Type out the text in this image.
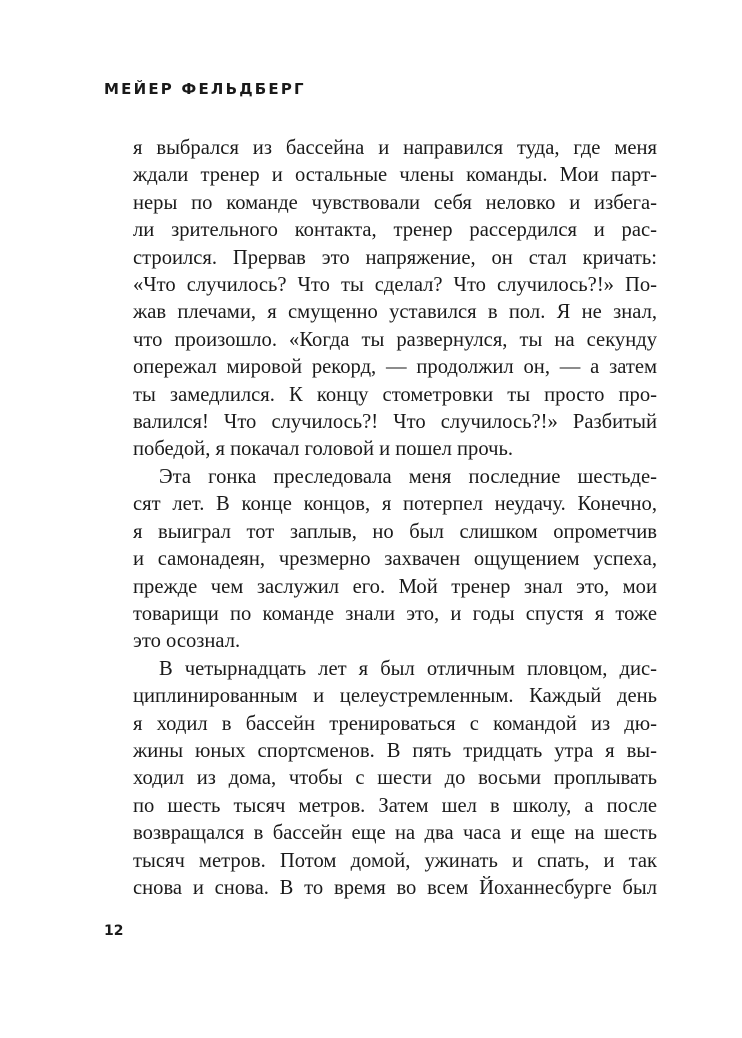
МЕЙЕР ФЕЛЬДБЕРГ

я выбрался из бассейна и направился туда, где меня
ждали тренер и остальные члены команды. Мои парт-
неры по команде чувствовали себя неловко и избега-
ли зрительного контакта, тренер рассердился и рас-
строился. Прервав это напряжение, он стал кричать:
«Что случилось? Что ты сделал? Что случилось?!» По-
жав плечами, я смущенно уставился в пол. Я не знал,
что произошло. «Когда ты развернулся, ты на секунду
опережал мировой рекорд, — продолжил он, — а затем
ты замедлился. К концу стометровки ты просто про-
валился! Что случилось?! Что случилось?!» Разбитый
победой, я покачал головой и пошел прочь.

Эта гонка преследовала меня последние шестьде-
сят лет. В конце концов, я потерпел неудачу. Конечно,
я выиграл тот заплыв, но был слишком опрометчив
и самонадеян, чрезмерно захвачен ощущением успеха,
прежде чем заслужил его. Мой тренер знал это, мои
товарищи по команде знали это, и годы спустя я тоже
это осознал.

В четырнадцать лет я был отличным пловцом, дис-
циплинированным и целеустремленным. Каждый день
я ходил в бассейн тренироваться с командой из дю-
жины юных спортсменов. В пять тридцать утра я вы-
ходил из дома, чтобы с шести до восьми проплывать
по шесть тысяч метров. Затем шел в школу, а после
возвращался в бассейн еще на два часа и еще на шесть
тысяч метров. Потом домой, ужинать и спать, и так
снова и снова. В то время во всем Йоханнесбурге был

12
